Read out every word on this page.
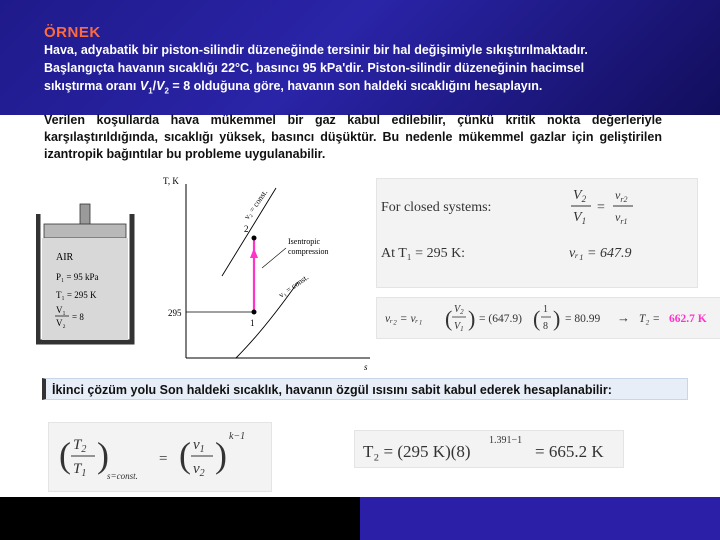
ÖRNEK
Hava, adyabatik bir piston-silindir düzeneğinde tersinir bir hal değişimiyle sıkıştırılmaktadır.
Başlangıçta havanın sıcaklığı 22°C, basıncı 95 kPa'dir. Piston-silindir düzeneğinin hacimsel
sıkıştırma oranı $V_1/V_2 = 8$ olduğuna göre, havanın son haldeki sıcaklığını hesaplayın.
Verilen koşullarda hava mükemmel bir gaz kabul edilebilir, çünkü kritik nokta değerleriyle karşılaştırıldığında, sıcaklığı yüksek, basıncı düşüktür. Bu nedenle mükemmel gazlar için geliştirilen izantropik bağıntılar bu probleme uygulanabilir.
AIR
P₁ = 95 kPa
T₁ = 295 K
V₁
V₂
= 8
T, K
s
295
v₂ = const.
v₁ = const.
2
1
Isentropic
compression
For closed systems:
$V_2$
$V_1$
=
$v_{r2}$
$v_{r1}$
At T₁ = 295 K:	vᵣ₁ = 647.9
vᵣ₂ = vᵣ₁ ( $V_2$
$V_1$ ) = (647.9) ( 1
8 ) = 80.99 → T₂ = 662.7 K
İkinci çözüm yolu Son haldeki sıcaklık, havanın özgül ısısını sabit kabul ederek hesaplanabilir:
( $T_2$
$T_1$ )
s=const.
= ( $v_1$
$v_2$ ) k−1
T₂ = (295 K)(8)
1.391−1
= 665.2 K
